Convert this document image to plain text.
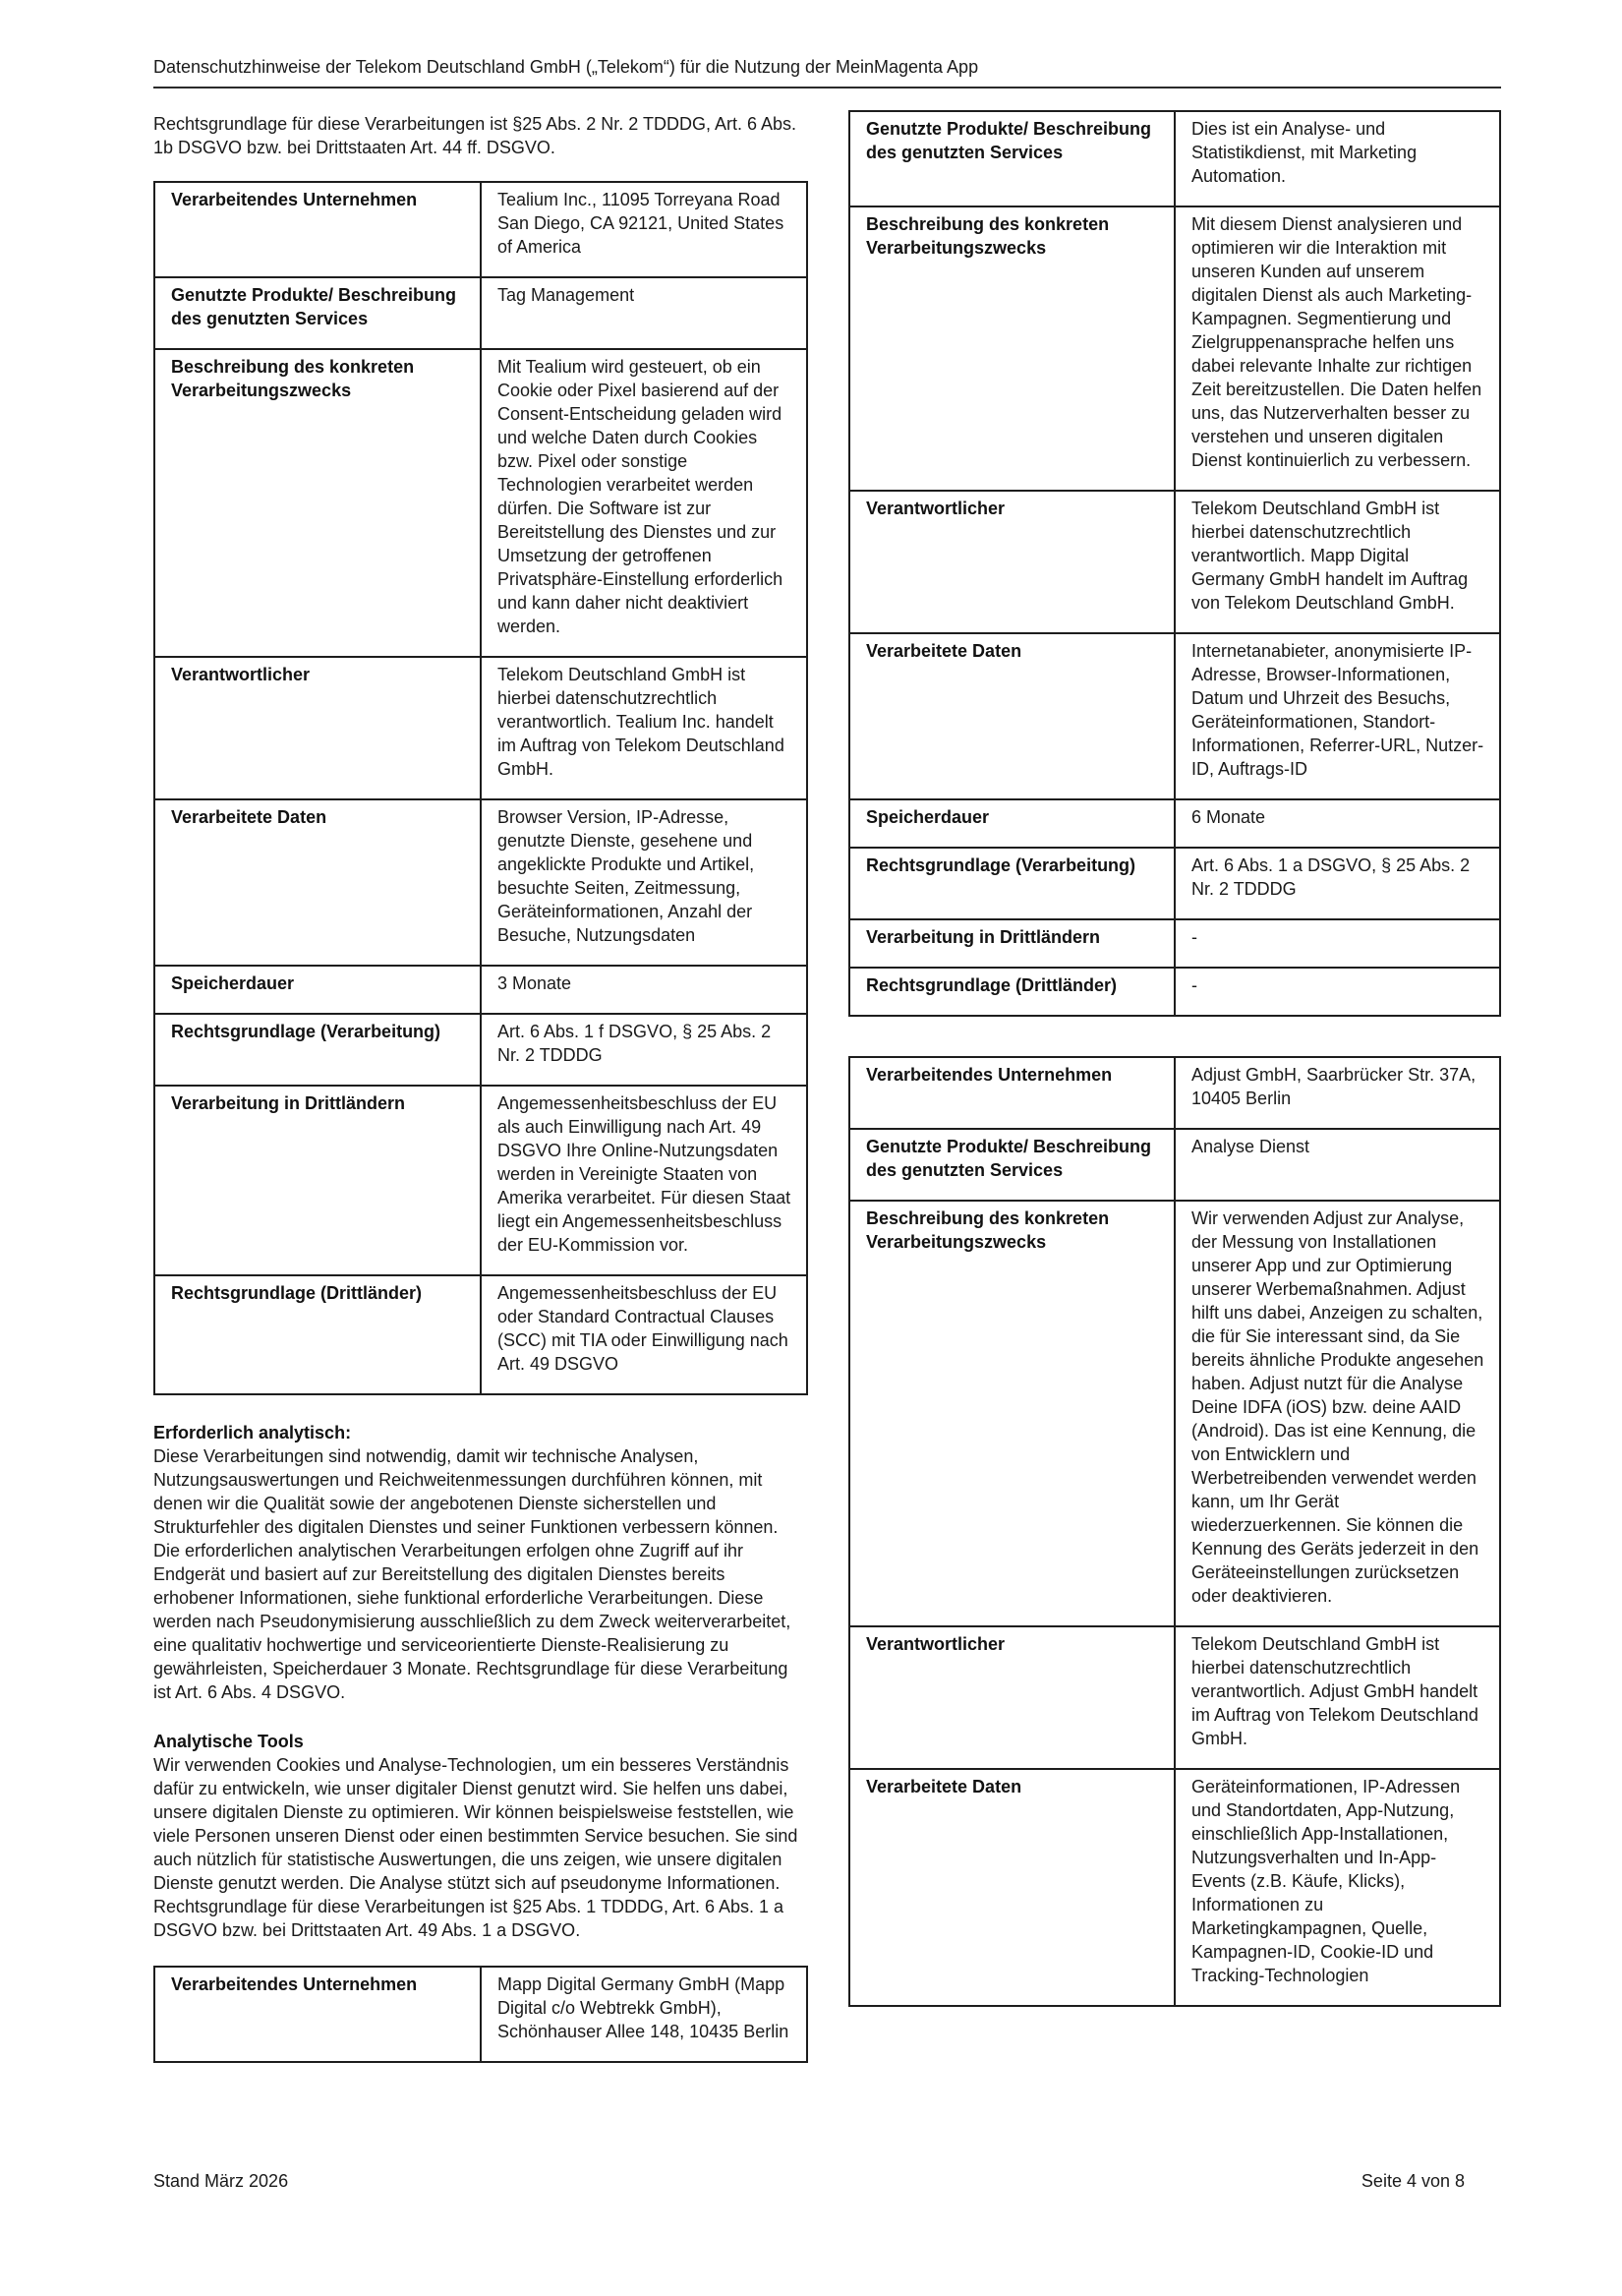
Datenschutzhinweise der Telekom Deutschland GmbH („Telekom“) für die Nutzung der MeinMagenta App

Rechtsgrundlage für diese Verarbeitungen ist §25 Abs. 2 Nr. 2 TDDDG, Art. 6 Abs. 1b DSGVO bzw. bei Drittstaaten Art. 44 ff. DSGVO.

Verarbeitendes Unternehmen	Tealium Inc., 11095 Torreyana Road San Diego, CA 92121, United States of America
Genutzte Produkte/ Beschreibung des genutzten Services	Tag Management
Beschreibung des konkreten Verarbeitungszwecks	Mit Tealium wird gesteuert, ob ein Cookie oder Pixel basierend auf der Consent-Entscheidung geladen wird und welche Daten durch Cookies bzw. Pixel oder sonstige Technologien verarbeitet werden dürfen. Die Software ist zur Bereitstellung des Dienstes und zur Umsetzung der getroffenen Privatsphäre-Einstellung erforderlich und kann daher nicht deaktiviert werden.
Verantwortlicher	Telekom Deutschland GmbH ist hierbei datenschutzrechtlich verantwortlich. Tealium Inc. handelt im Auftrag von Telekom Deutschland GmbH.
Verarbeitete Daten	Browser Version, IP-Adresse, genutzte Dienste, gesehene und angeklickte Produkte und Artikel, besuchte Seiten, Zeitmessung, Geräteinformationen, Anzahl der Besuche, Nutzungsdaten
Speicherdauer	3 Monate
Rechtsgrundlage (Verarbeitung)	Art. 6 Abs. 1 f DSGVO, § 25 Abs. 2 Nr. 2 TDDDG
Verarbeitung in Drittländern	Angemessenheitsbeschluss der EU als auch Einwilligung nach Art. 49 DSGVO Ihre Online-Nutzungsdaten werden in Vereinigte Staaten von Amerika verarbeitet. Für diesen Staat liegt ein Angemessenheitsbeschluss der EU-Kommission vor.
Rechtsgrundlage (Drittländer)	Angemessenheitsbeschluss der EU oder Standard Contractual Clauses (SCC) mit TIA oder Einwilligung nach Art. 49 DSGVO
Erforderlich analytisch:
Diese Verarbeitungen sind notwendig, damit wir technische Analysen, Nutzungsauswertungen und Reichweitenmessungen durchführen können, mit denen wir die Qualität sowie der angebotenen Dienste sicherstellen und Strukturfehler des digitalen Dienstes und seiner Funktionen verbessern können. Die erforderlichen analytischen Verarbeitungen erfolgen ohne Zugriff auf ihr Endgerät und basiert auf zur Bereitstellung des digitalen Dienstes bereits erhobener Informationen, siehe funktional erforderliche Verarbeitungen. Diese werden nach Pseudonymisierung ausschließlich zu dem Zweck weiterverarbeitet, eine qualitativ hochwertige und serviceorientierte Dienste-Realisierung zu gewährleisten, Speicherdauer 3 Monate. Rechtsgrundlage für diese Verarbeitung ist Art. 6 Abs. 4 DSGVO.
Analytische Tools
Wir verwenden Cookies und Analyse-Technologien, um ein besseres Verständnis dafür zu entwickeln, wie unser digitaler Dienst genutzt wird. Sie helfen uns dabei, unsere digitalen Dienste zu optimieren. Wir können beispielsweise feststellen, wie viele Personen unseren Dienst oder einen bestimmten Service besuchen. Sie sind auch nützlich für statistische Auswertungen, die uns zeigen, wie unsere digitalen Dienste genutzt werden. Die Analyse stützt sich auf pseudonyme Informationen. Rechtsgrundlage für diese Verarbeitungen ist §25 Abs. 1 TDDDG, Art. 6 Abs. 1 a DSGVO bzw. bei Drittstaaten Art. 49 Abs. 1 a DSGVO.
Verarbeitendes Unternehmen	Mapp Digital Germany GmbH (Mapp Digital c/o Webtrekk GmbH), Schönhauser Allee 148, 10435 Berlin
Genutzte Produkte/ Beschreibung des genutzten Services	Dies ist ein Analyse- und Statistikdienst, mit Marketing Automation.
Beschreibung des konkreten Verarbeitungszwecks	Mit diesem Dienst analysieren und optimieren wir die Interaktion mit unseren Kunden auf unserem digitalen Dienst als auch Marketing-Kampagnen. Segmentierung und Zielgruppenansprache helfen uns dabei relevante Inhalte zur richtigen Zeit bereitzustellen. Die Daten helfen uns, das Nutzerverhalten besser zu verstehen und unseren digitalen Dienst kontinuierlich zu verbessern.
Verantwortlicher	Telekom Deutschland GmbH ist hierbei datenschutzrechtlich verantwortlich. Mapp Digital Germany GmbH handelt im Auftrag von Telekom Deutschland GmbH.
Verarbeitete Daten	Internetanabieter, anonymisierte IP-Adresse, Browser-Informationen, Datum und Uhrzeit des Besuchs, Geräteinformationen, Standort-Informationen, Referrer-URL, Nutzer-ID, Auftrags-ID
Speicherdauer	6 Monate
Rechtsgrundlage (Verarbeitung)	Art. 6 Abs. 1 a DSGVO, § 25 Abs. 2 Nr. 2 TDDDG
Verarbeitung in Drittländern	-
Rechtsgrundlage (Drittländer)	-
Verarbeitendes Unternehmen	Adjust GmbH, Saarbrücker Str. 37A, 10405 Berlin
Genutzte Produkte/ Beschreibung des genutzten Services	Analyse Dienst
Beschreibung des konkreten Verarbeitungszwecks	Wir verwenden Adjust zur Analyse, der Messung von Installationen unserer App und zur Optimierung unserer Werbemaßnahmen. Adjust hilft uns dabei, Anzeigen zu schalten, die für Sie interessant sind, da Sie bereits ähnliche Produkte angesehen haben. Adjust nutzt für die Analyse Deine IDFA (iOS) bzw. deine AAID (Android). Das ist eine Kennung, die von Entwicklern und Werbetreibenden verwendet werden kann, um Ihr Gerät wiederzuerkennen. Sie können die Kennung des Geräts jederzeit in den Geräteeinstellungen zurücksetzen oder deaktivieren.
Verantwortlicher	Telekom Deutschland GmbH ist hierbei datenschutzrechtlich verantwortlich. Adjust GmbH handelt im Auftrag von Telekom Deutschland GmbH.
Verarbeitete Daten	Geräteinformationen, IP-Adressen und Standortdaten, App-Nutzung, einschließlich App-Installationen, Nutzungsverhalten und In-App-Events (z.B. Käufe, Klicks), Informationen zu Marketingkampagnen, Quelle, Kampagnen-ID, Cookie-ID und Tracking-Technologien
Stand März 2026	Seite 4 von 8
